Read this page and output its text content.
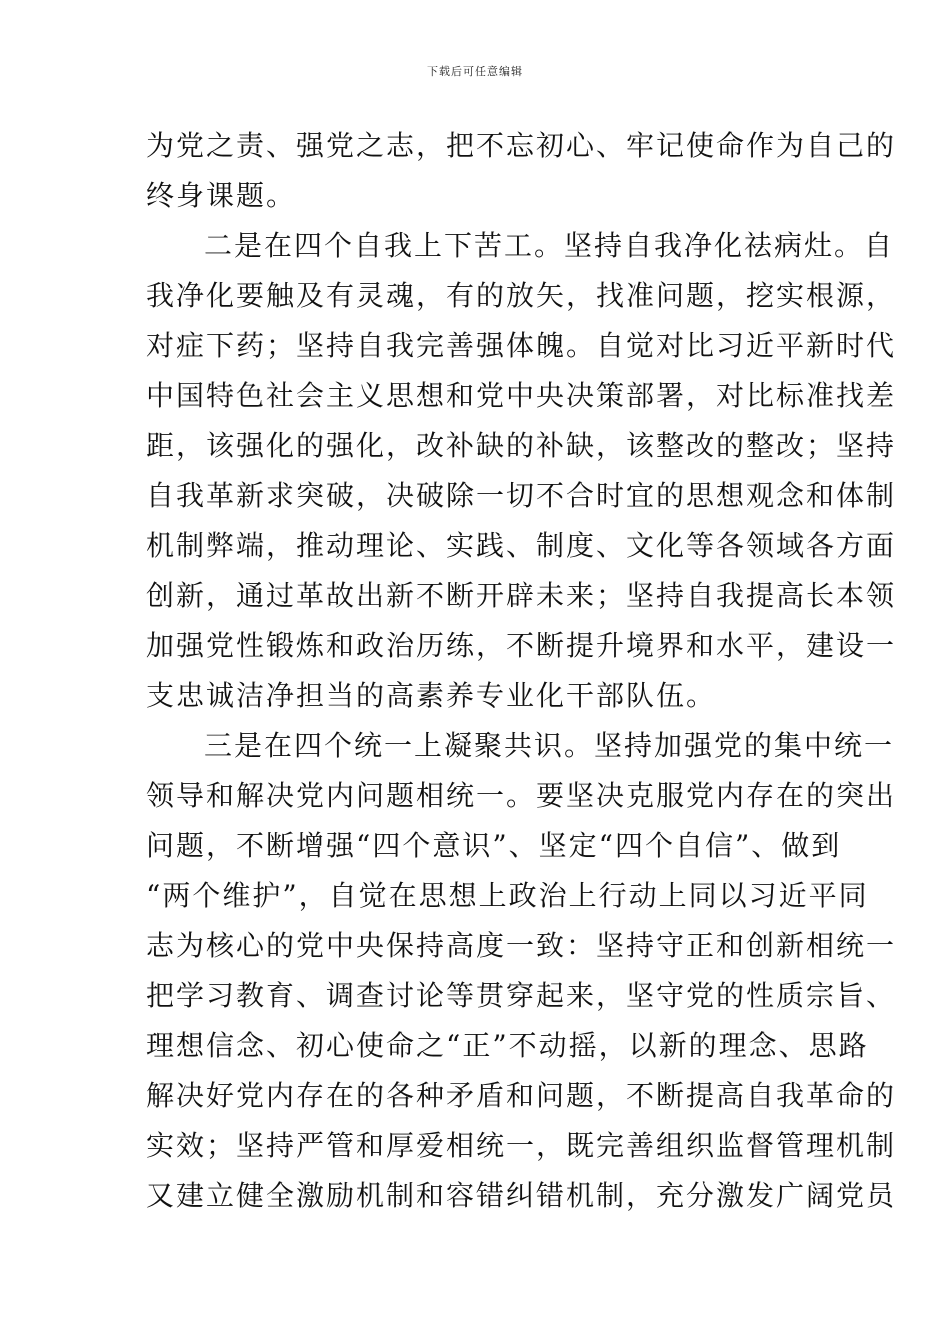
下载后可任意编辑
为党之责、强党之志，把不忘初心、牢记使命作为自己的
终身课题。
二是在四个自我上下苦工。坚持自我净化祛病灶。自
我净化要触及有灵魂，有的放矢，找准问题，挖实根源，
对症下药；坚持自我完善强体魄。自觉对比习近平新时代
中国特色社会主义思想和党中央决策部署，对比标准找差
距，该强化的强化，改补缺的补缺，该整改的整改；坚持
自我革新求突破，决破除一切不合时宜的思想观念和体制
机制弊端，推动理论、实践、制度、文化等各领域各方面
创新，通过革故出新不断开辟未来；坚持自我提高长本领
加强党性锻炼和政治历练，不断提升境界和水平，建设一
支忠诚洁净担当的高素养专业化干部队伍。
三是在四个统一上凝聚共识。坚持加强党的集中统一
领导和解决党内问题相统一。要坚决克服党内存在的突出
问题，不断增强“四个意识”、坚定“四个自信”、做到
“两个维护”，自觉在思想上政治上行动上同以习近平同
志为核心的党中央保持高度一致：坚持守正和创新相统一
把学习教育、调查讨论等贯穿起来，坚守党的性质宗旨、
理想信念、初心使命之“正”不动摇，以新的理念、思路
解决好党内存在的各种矛盾和问题，不断提高自我革命的
实效；坚持严管和厚爱相统一，既完善组织监督管理机制
又建立健全激励机制和容错纠错机制，充分激发广阔党员
